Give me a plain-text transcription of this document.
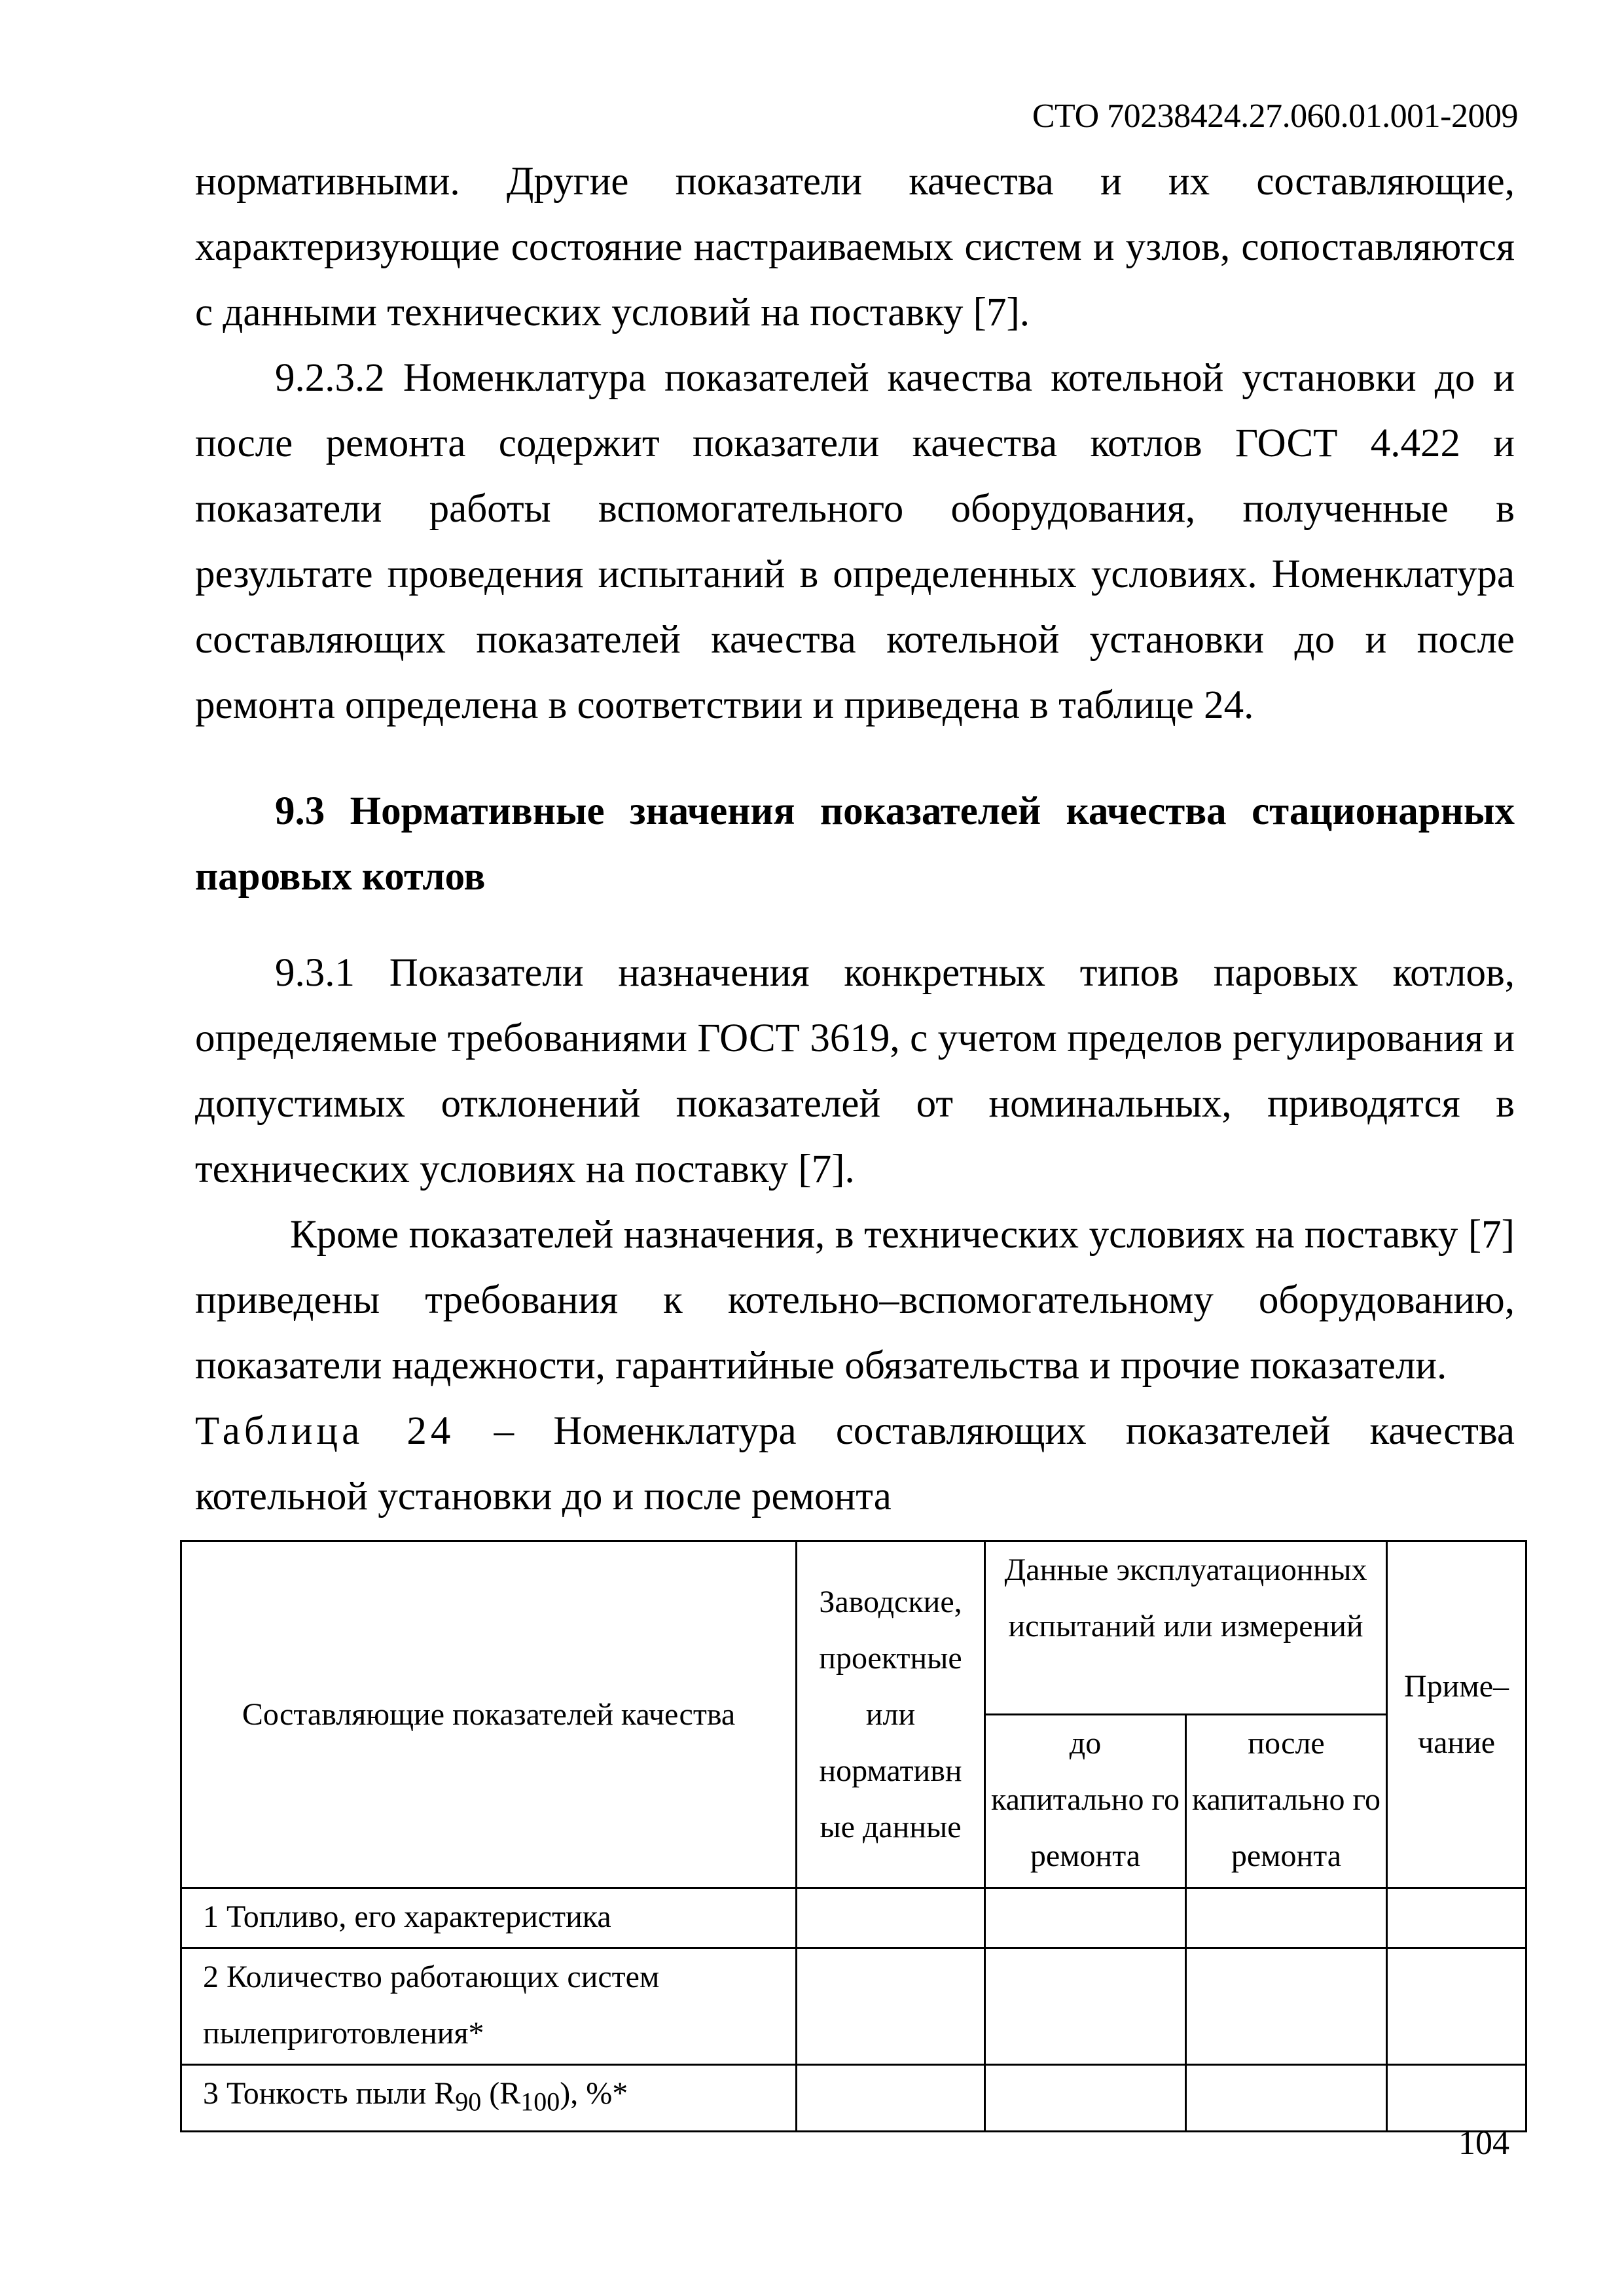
СТО 70238424.27.060.01.001-2009

нормативными. Другие показатели качества и их составляющие, характеризующие состояние настраиваемых систем и узлов, сопоставляются с данными технических условий на поставку [7].

9.2.3.2 Номенклатура показателей качества котельной установки до и после ремонта содержит показатели качества котлов ГОСТ 4.422 и показатели работы вспомогательного оборудования, полученные в результате проведения испытаний в определенных условиях. Номенклатура составляющих показателей качества котельной установки до и после ремонта определена в соответствии и приведена в таблице 24.

9.3 Нормативные значения показателей качества стационарных паровых котлов

9.3.1 Показатели назначения конкретных типов паровых котлов, определяемые требованиями ГОСТ 3619, с учетом пределов регулирования и допустимых отклонений показателей от номинальных, приводятся в технических условиях на поставку [7].

Кроме показателей назначения, в технических условиях на поставку [7] приведены требования к котельно–вспомогательному оборудованию, показатели надежности, гарантийные обязательства и прочие показатели.

Таблица 24 – Номенклатура составляющих показателей качества котельной установки до и после ремонта
Составляющие показателей качества	Заводские, проектные или нормативн ые данные	Данные эксплуатационных испытаний или измерений		Приме– чание
		до капитально го ремонта	после капитально го ремонта	
1 Топливо, его характеристика				
2 Количество работающих систем пылеприготовления*				
3 Тонкость пыли $R_{90}$ $(R_{100})$, %*				
104
